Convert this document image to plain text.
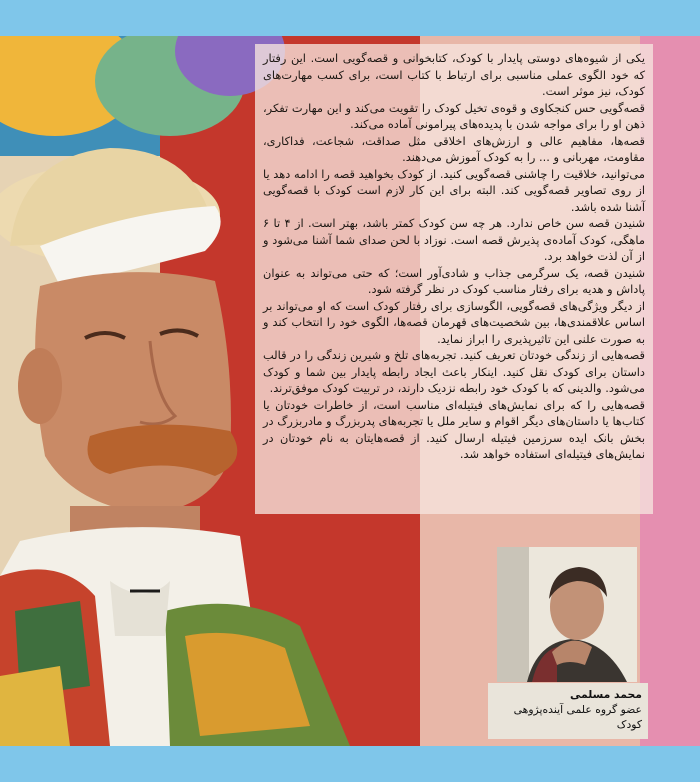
یکی از شیوه‌های دوستی پایدار با کودک، کتابخوانی و قصه‌گویی است. این رفتار که خود الگوی عملی مناسبی برای ارتباط با کتاب است، برای کسب مهارت‌های کودک، نیز موثر است.

قصه‌گویی حس کنجکاوی و قوه‌ی تخیل کودک را تقویت می‌کند و این مهارت تفکر، ذهن او را برای مواجه شدن با پدیده‌های پیرامونی آماده می‌کند.

قصه‌ها، مفاهیم عالی و ارزش‌های اخلاقی مثل صداقت، شجاعت، فداکاری، مقاومت، مهربانی و ... را به کودک آموزش می‌دهند.

می‌توانید، خلاقیت را چاشنی قصه‌گویی کنید. از کودک بخواهید قصه را ادامه دهد یا از روی تصاویر قصه‌گویی کند. البته برای این کار لازم است کودک با قصه‌گویی آشنا شده باشد.

شنیدن قصه سن خاص ندارد. هر چه سن کودک کمتر باشد، بهتر است. از ۴ تا ۶ ماهگی، کودک آماده‌ی پذیرش قصه است. نوزاد با لحن صدای شما آشنا می‌شود و از آن لذت خواهد برد.

شنیدن قصه، یک سرگرمی جذاب و شادی‌آور است؛ که حتی می‌تواند به عنوان پاداش و هدیه برای رفتار مناسب کودک در نظر گرفته شود.

از دیگر ویژگی‌های قصه‌گویی، الگوسازی برای رفتار کودک است که او می‌تواند بر اساس علاقمندی‌ها، بین شخصیت‌های قهرمان قصه‌ها، الگوی خود را انتخاب کند و به صورت علنی این تاثیرپذیری را ابراز نماید.

قصه‌هایی از زندگی خودتان تعریف کنید. تجربه‌های تلخ و شیرین زندگی را در قالب داستان برای کودک نقل کنید. اینکار باعث ایجاد رابطه پایدار بین شما و کودک می‌شود. والدینی که با کودک خود رابطه نزدیک دارند، در تربیت کودک موفق‌ترند.

قصه‌هایی را که برای نمایش‌های فیتیله‌ای مناسب است، از خاطرات خودتان یا کتاب‌ها یا داستان‌های دیگر اقوام و سایر ملل یا تجربه‌های پدربزرگ و مادربزرگ در بخش بانک ایده سرزمین فیتیله ارسال کنید. از قصه‌هایتان به نام خودتان در نمایش‌های فیتیله‌ای استفاده خواهد شد.

محمد مسلمی
عضو گروه علمی آینده‌پژوهی کودک
